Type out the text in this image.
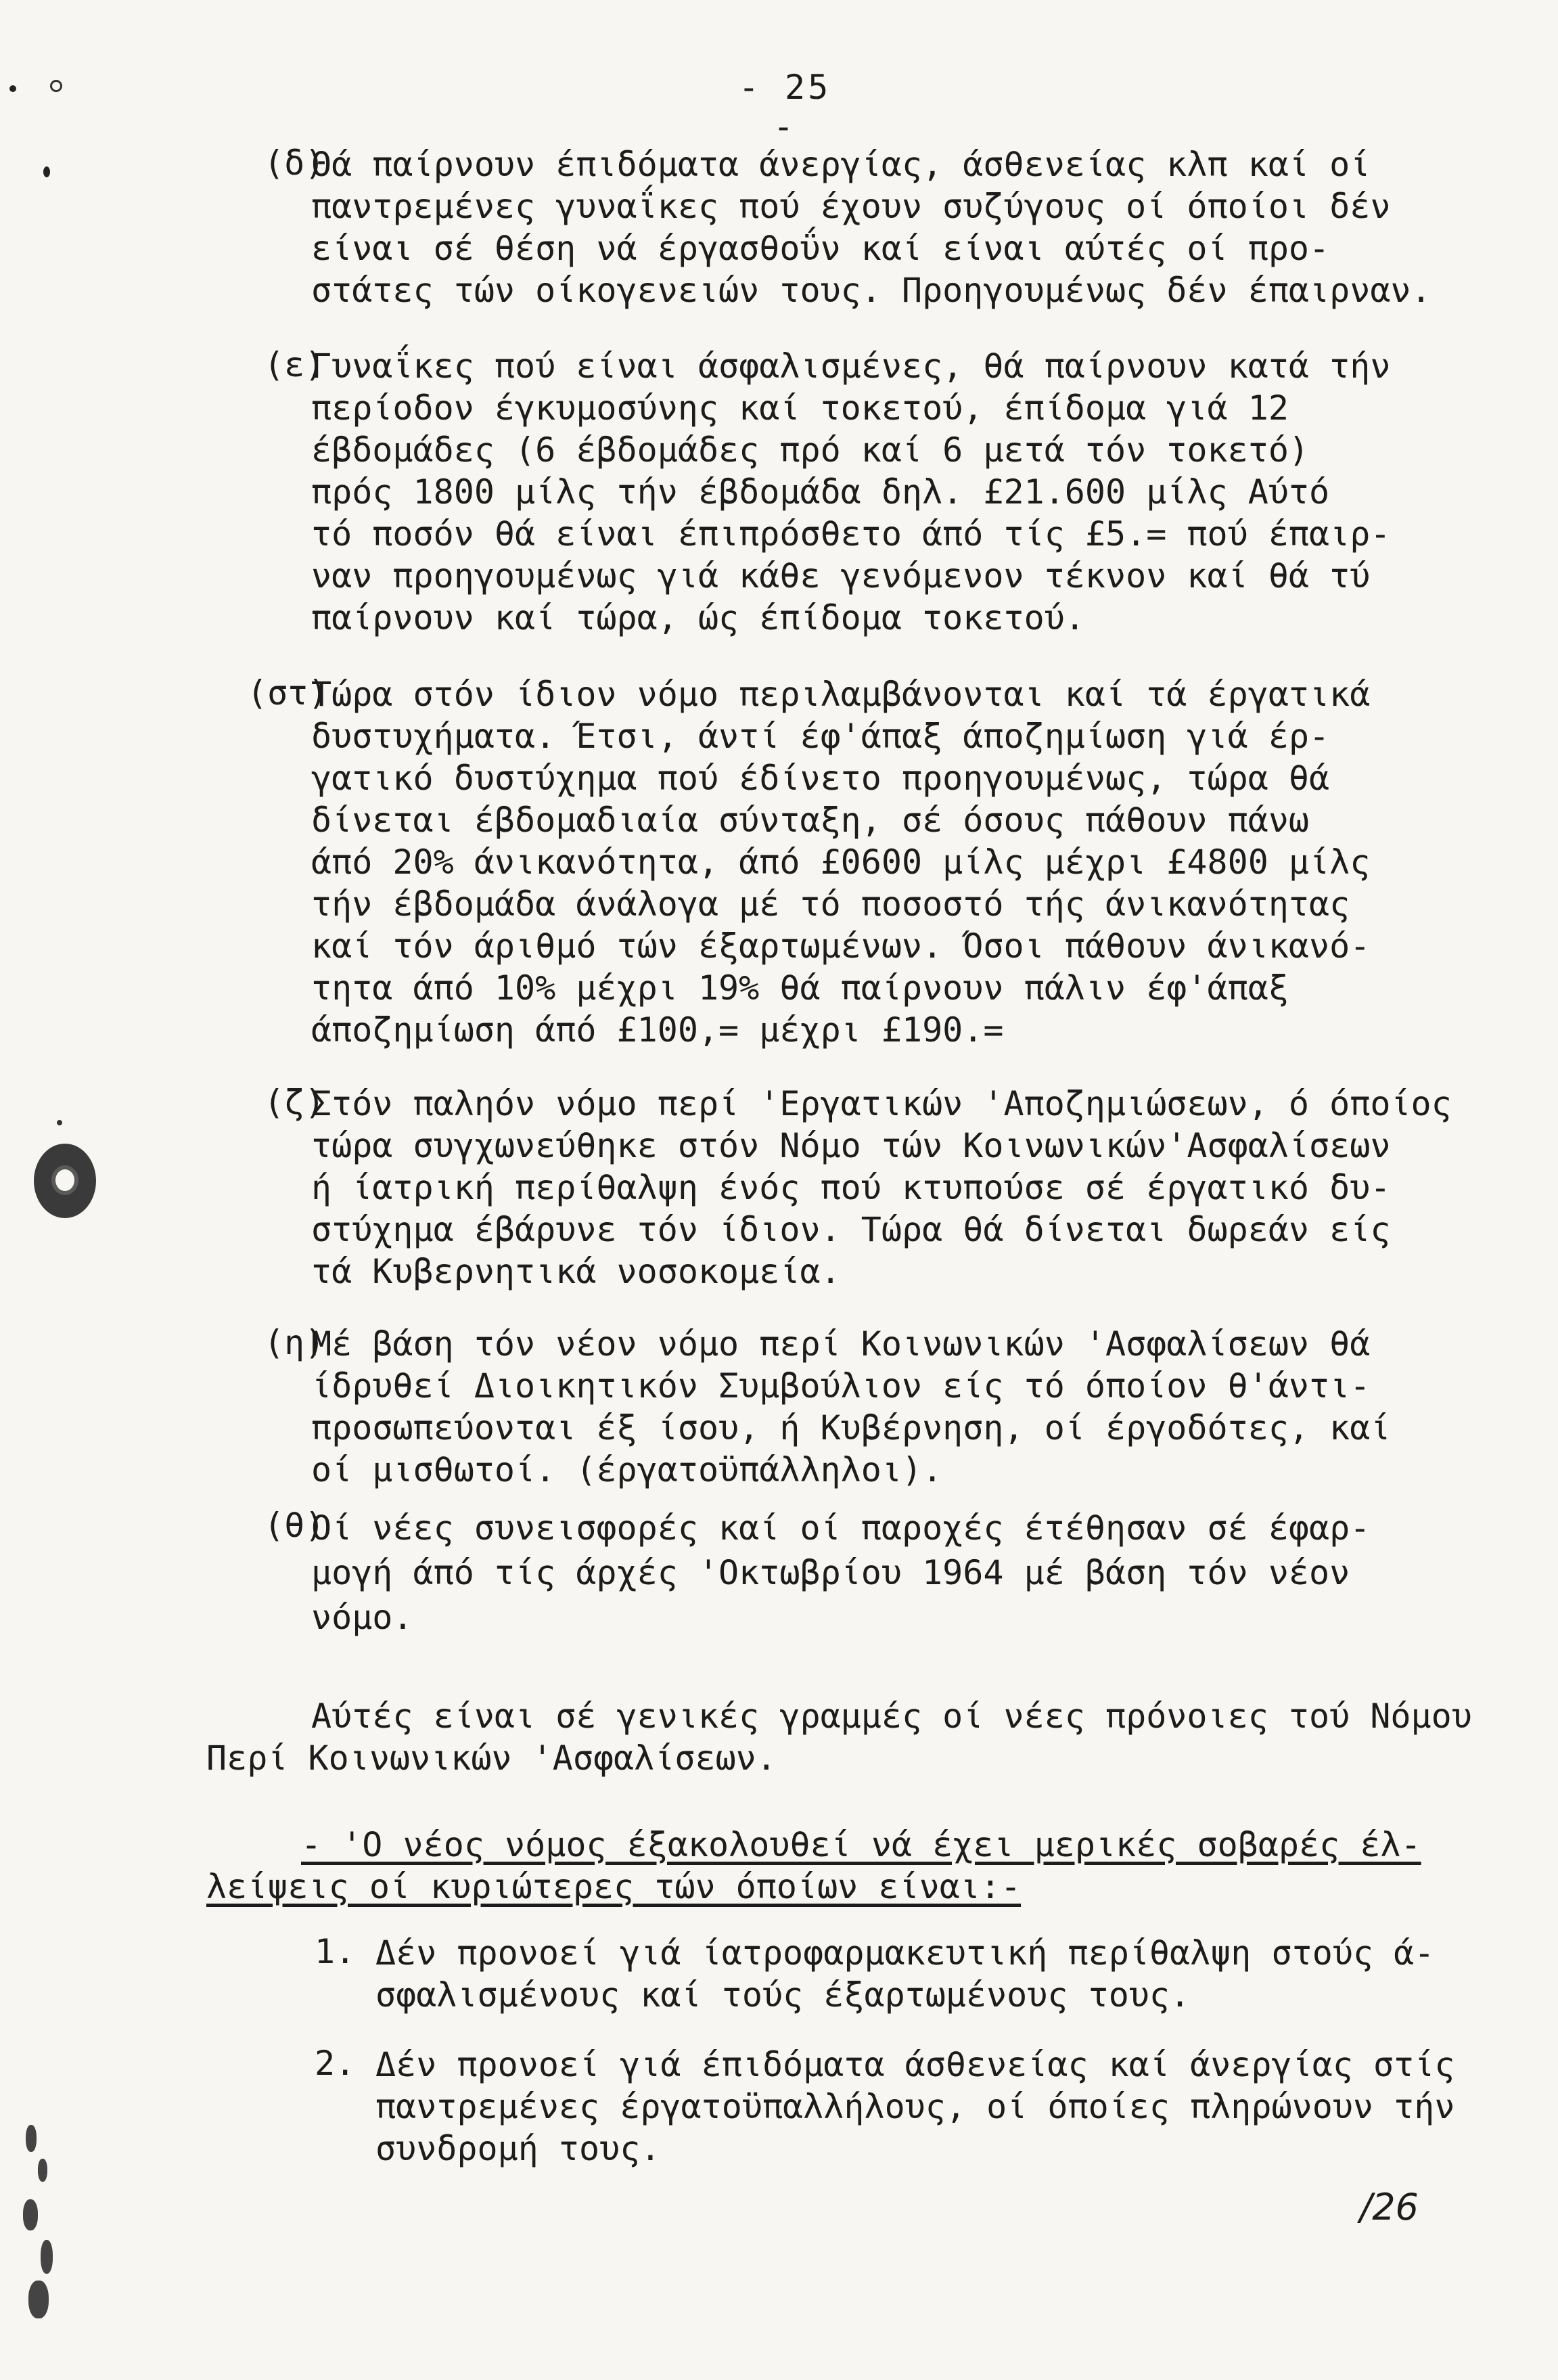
- 25 -
(δ)
Θά παίρνουν έπιδόματα άνεργίας, άσθενείας κλπ καί οί
παντρεμένες γυναΐκες πού έχουν συζύγους οί όποίοι δέν
είναι σέ θέση νά έργασθοΰν καί είναι αύτές οί προ-
στάτες τών οίκογενειών τους. Προηγουμένως δέν έπαιρναν.
(ε)
Γυναΐκες πού είναι άσφαλισμένες, θά παίρνουν κατά τήν
περίοδον έγκυμοσύνης καί τοκετού, έπίδομα γιά 12
έβδομάδες (6 έβδομάδες πρό καί 6 μετά τόν τοκετό)
πρός 1800 μίλς τήν έβδομάδα δηλ. £21.600 μίλς Αύτό
τό ποσόν θά είναι έπιπρόσθετο άπό τίς £5.= πού έπαιρ-
ναν προηγουμένως γιά κάθε γενόμενον τέκνον καί θά τύ
παίρνουν καί τώρα, ώς έπίδομα τοκετού.
(στ)
Τώρα στόν ίδιον νόμο περιλαμβάνονται καί τά έργατικά
δυστυχήματα. Έτσι, άντί έφ'άπαξ άποζημίωση γιά έρ-
γατικό δυστύχημα πού έδίνετο προηγουμένως, τώρα θά
δίνεται έβδομαδιαία σύνταξη, σέ όσους πάθουν πάνω
άπό 20% άνικανότητα, άπό £0600 μίλς μέχρι £4800 μίλς
τήν έβδομάδα άνάλογα μέ τό ποσοστό τής άνικανότητας
καί τόν άριθμό τών έξαρτωμένων. Όσοι πάθουν άνικανό-
τητα άπό 10% μέχρι 19% θά παίρνουν πάλιν έφ'άπαξ
άποζημίωση άπό £100,= μέχρι £190.=
(ζ)
Στόν παληόν νόμο περί 'Εργατικών 'Αποζημιώσεων, ό όποίος
τώρα συγχωνεύθηκε στόν Νόμο τών Κοινωνικών'Ασφαλίσεων
ή ίατρική περίθαλψη ένός πού κτυπούσε σέ έργατικό δυ-
στύχημα έβάρυνε τόν ίδιον. Τώρα θά δίνεται δωρεάν είς
τά Κυβερνητικά νοσοκομεία.
(η)
Μέ βάση τόν νέον νόμο περί Κοινωνικών 'Ασφαλίσεων θά
ίδρυθεί Διοικητικόν Συμβούλιον είς τό όποίον θ'άντι-
προσωπεύονται έξ ίσου, ή Κυβέρνηση, οί έργοδότες, καί
οί μισθωτοί. (έργατοϋπάλληλοι).
(θ)
Οί νέες συνεισφορές καί οί παροχές έτέθησαν σέ έφαρ-
μογή άπό τίς άρχές 'Οκτωβρίου 1964 μέ βάση τόν νέον
νόμο.
Αύτές είναι σέ γενικές γραμμές οί νέες πρόνοιες τού Νόμου
Περί Κοινωνικών 'Ασφαλίσεων.
- 'Ο νέος νόμος έξακολουθεί νά έχει μερικές σοβαρές έλ-
λείψεις οί κυριώτερες τών όποίων είναι:-
1. Δέν προνοεί γιά ίατροφαρμακευτική περίθαλψη στούς ά-
σφαλισμένους καί τούς έξαρτωμένους τους.
2. Δέν προνοεί γιά έπιδόματα άσθενείας καί άνεργίας στίς
παντρεμένες έργατοϋπαλλήλους, οί όποίες πληρώνουν τήν
συνδρομή τους.
/26
